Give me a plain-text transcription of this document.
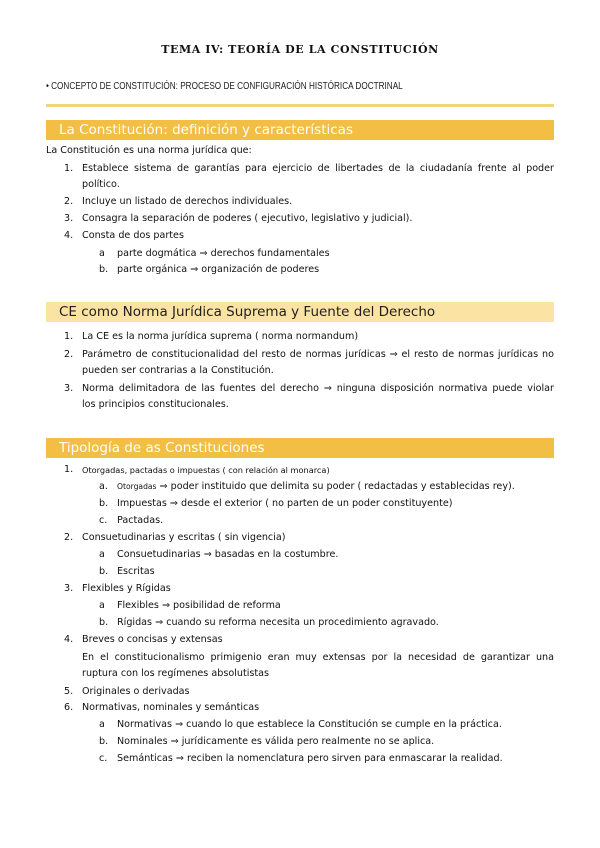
TEMA IV: TEORÍA DE LA CONSTITUCIÓN
• CONCEPTO DE CONSTITUCIÓN: PROCESO DE CONFIGURACIÓN HISTÓRICA DOCTRINAL
La Constitución: definición y características
La Constitución es una norma jurídica que:
1. Establece sistema de garantías para ejercicio de libertades de la ciudadanía frente al poder
político.
2. Incluye un listado de derechos individuales.
3. Consagra la separación de poderes ( ejecutivo, legislativo y judicial).
4. Consta de dos partes
a parte dogmática ⇒ derechos fundamentales
b. parte orgánica ⇒ organización de poderes
CE como Norma Jurídica Suprema y Fuente del Derecho
1. La CE es la norma jurídica suprema ( norma normandum)
2. Parámetro de constitucionalidad del resto de normas jurídicas ⇒ el resto de normas jurídicas no
pueden ser contrarias a la Constitución.
3. Norma delimitadora de las fuentes del derecho ⇒ ninguna disposición normativa puede violar
los principios constitucionales.
Tipología de as Constituciones
1. Otorgadas, pactadas o impuestas ( con relación al monarca)
a. Otorgadas ⇒ poder instituido que delimita su poder ( redactadas y establecidas rey).
b. Impuestas ⇒ desde el exterior ( no parten de un poder constituyente)
c. Pactadas.
2. Consuetudinarias y escritas ( sin vigencia)
a Consuetudinarias ⇒ basadas en la costumbre.
b. Escritas
3. Flexibles y Rígidas
a Flexibles ⇒ posibilidad de reforma
b. Rígidas ⇒ cuando su reforma necesita un procedimiento agravado.
4. Breves o concisas y extensas
En el constitucionalismo primigenio eran muy extensas por la necesidad de garantizar una
ruptura con los regímenes absolutistas
5. Originales o derivadas
6. Normativas, nominales y semánticas
a Normativas ⇒ cuando lo que establece la Constitución se cumple en la práctica.
b. Nominales ⇒ jurídicamente es válida pero realmente no se aplica.
c. Semánticas ⇒ reciben la nomenclatura pero sirven para enmascarar la realidad.
